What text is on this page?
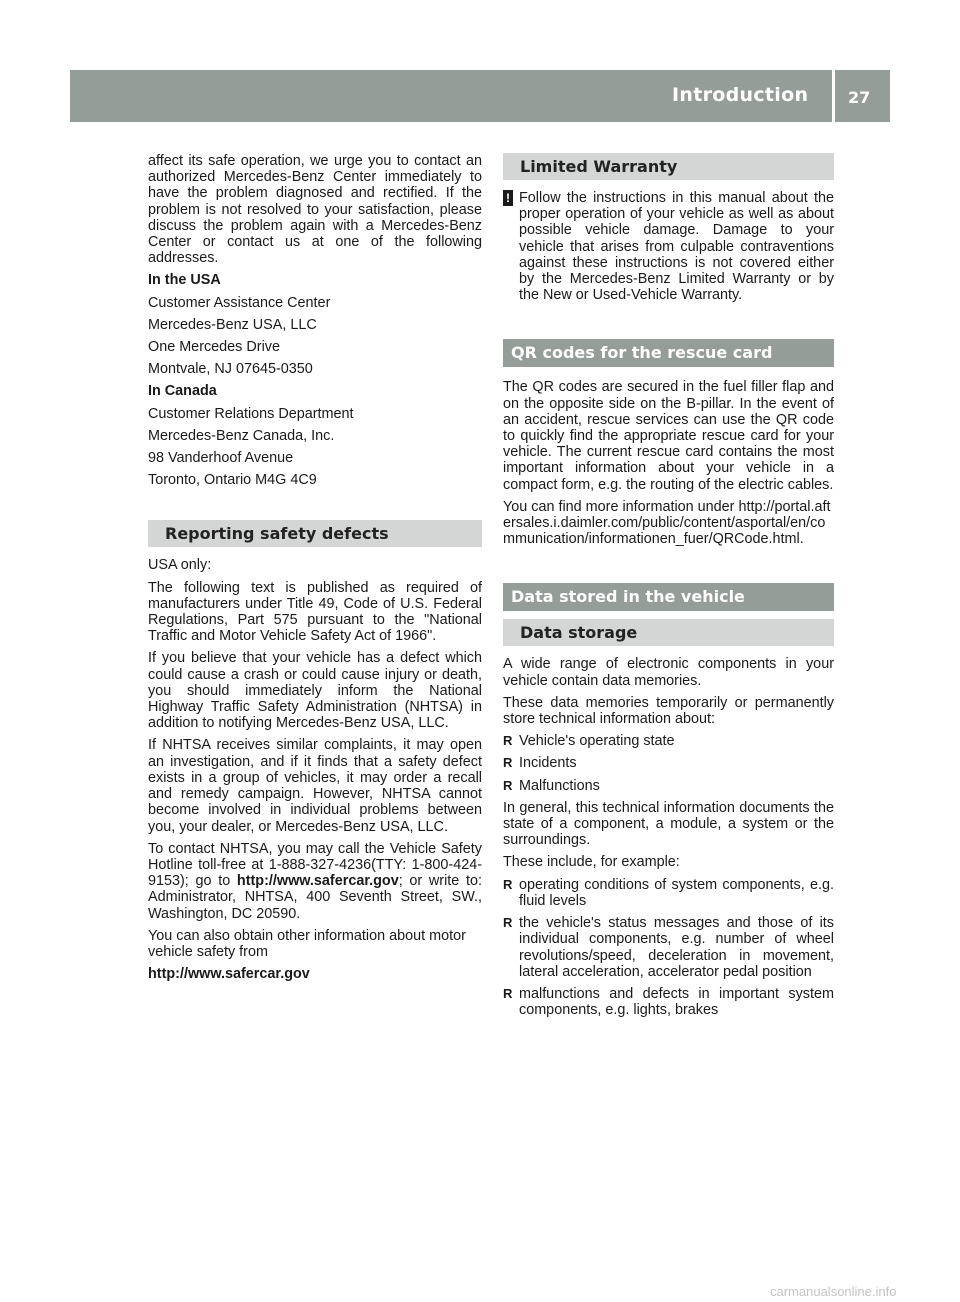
Introduction 27

affect its safe operation, we urge you to contact an authorized Mercedes-Benz Center immediately to have the problem diagnosed and rectified. If the problem is not resolved to your satisfaction, please discuss the problem again with a Mercedes-Benz Center or contact us at one of the following addresses.

In the USA
Customer Assistance Center
Mercedes-Benz USA, LLC
One Mercedes Drive
Montvale, NJ 07645-0350
In Canada
Customer Relations Department
Mercedes-Benz Canada, Inc.
98 Vanderhoof Avenue
Toronto, Ontario M4G 4C9
Reporting safety defects

USA only:

The following text is published as required of manufacturers under Title 49, Code of U.S. Federal Regulations, Part 575 pursuant to the "National Traffic and Motor Vehicle Safety Act of 1966".

If you believe that your vehicle has a defect which could cause a crash or could cause injury or death, you should immediately inform the National Highway Traffic Safety Administration (NHTSA) in addition to notifying Mercedes-Benz USA, LLC.

If NHTSA receives similar complaints, it may open an investigation, and if it finds that a safety defect exists in a group of vehicles, it may order a recall and remedy campaign. However, NHTSA cannot become involved in individual problems between you, your dealer, or Mercedes-Benz USA, LLC.

To contact NHTSA, you may call the Vehicle Safety Hotline toll-free at 1-888-327-4236(TTY: 1-800-424-9153); go to http://www.safercar.gov; or write to: Administrator, NHTSA, 400 Seventh Street, SW., Washington, DC 20590.

You can also obtain other information about motor vehicle safety from

http://www.safercar.gov

Limited Warranty
! Follow the instructions in this manual about the proper operation of your vehicle as well as about possible vehicle damage. Damage to your vehicle that arises from culpable contraventions against these instructions is not covered either by the Mercedes-Benz Limited Warranty or by the New or Used-Vehicle Warranty.

QR codes for the rescue card

The QR codes are secured in the fuel filler flap and on the opposite side on the B-pillar. In the event of an accident, rescue services can use the QR code to quickly find the appropriate rescue card for your vehicle. The current rescue card contains the most important information about your vehicle in a compact form, e.g. the routing of the electric cables.

You can find more information under http://portal.aftersales.i.daimler.com/public/content/asportal/en/communication/informationen_fuer/QRCode.html.

Data stored in the vehicle
Data storage

A wide range of electronic components in your vehicle contain data memories.

These data memories temporarily or permanently store technical information about:

R Vehicle's operating state
R Incidents
R Malfunctions

In general, this technical information documents the state of a component, a module, a system or the surroundings.

These include, for example:

R operating conditions of system components, e.g. fluid levels
R the vehicle's status messages and those of its individual components, e.g. number of wheel revolutions/speed, deceleration in movement, lateral acceleration, accelerator pedal position
R malfunctions and defects in important system components, e.g. lights, brakes
carmanualsonline.info
